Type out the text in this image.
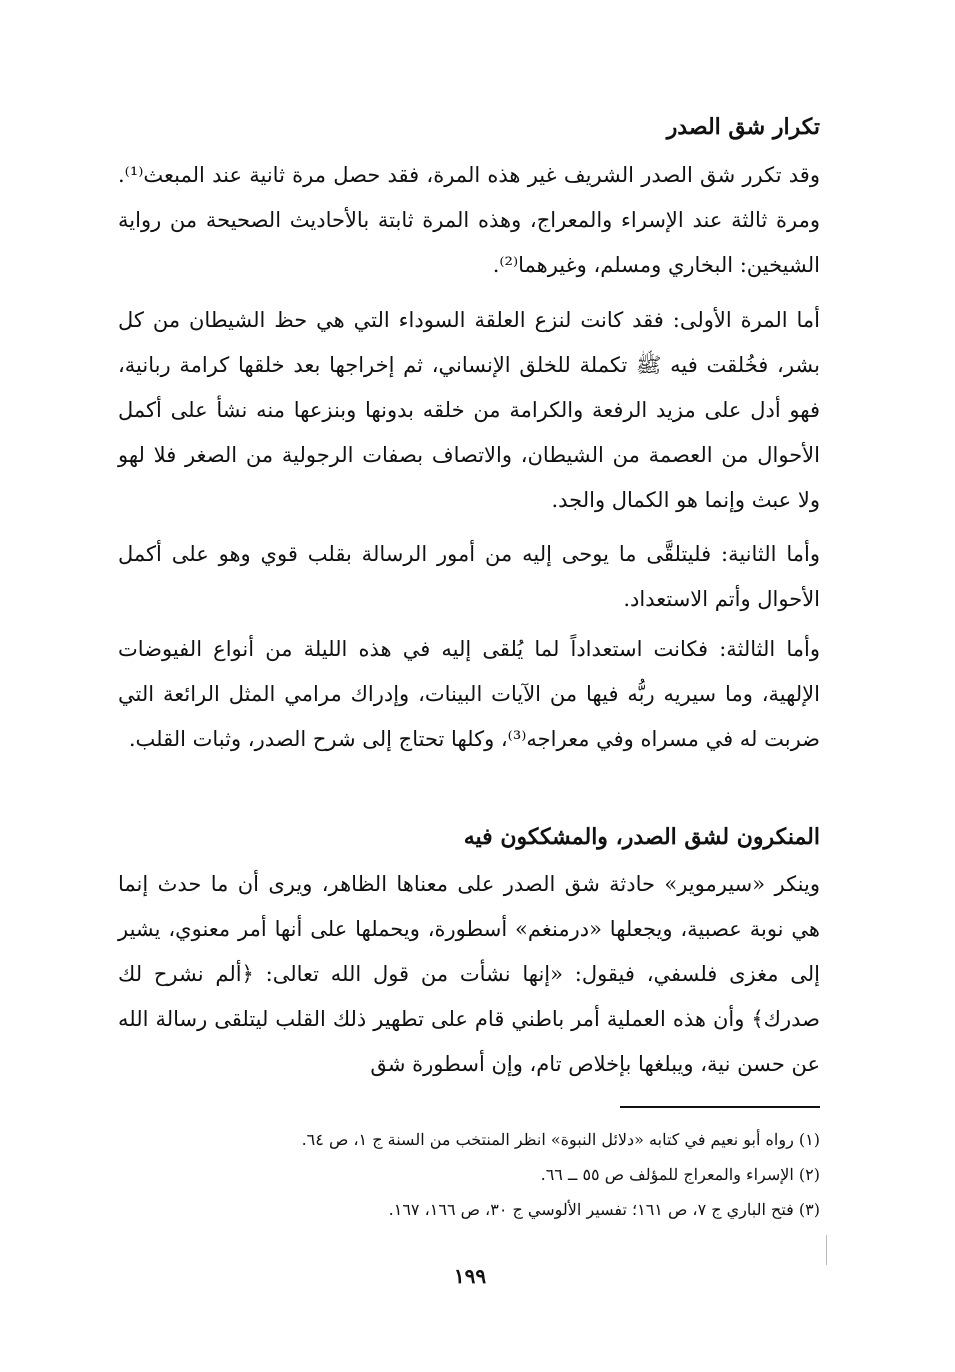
تكرار شق الصدر

وقد تكرر شق الصدر الشريف غير هذه المرة، فقد حصل مرة ثانية عند المبعث⁽¹⁾. ومرة ثالثة عند الإسراء والمعراج، وهذه المرة ثابتة بالأحاديث الصحيحة من رواية الشيخين: البخاري ومسلم، وغيرهما⁽²⁾.

أما المرة الأولى: فقد كانت لنزع العلقة السوداء التي هي حظ الشيطان من كل بشر، فخُلقت فيه ﷺ تكملة للخلق الإنساني، ثم إخراجها بعد خلقها كرامة ربانية، فهو أدل على مزيد الرفعة والكرامة من خلقه بدونها وبنزعها منه نشأ على أكمل الأحوال من العصمة من الشيطان، والاتصاف بصفات الرجولية من الصغر فلا لهو ولا عبث وإنما هو الكمال والجد.

وأما الثانية: فليتلقَّى ما يوحى إليه من أمور الرسالة بقلب قوي وهو على أكمل الأحوال وأتم الاستعداد.

وأما الثالثة: فكانت استعداداً لما يُلقى إليه في هذه الليلة من أنواع الفيوضات الإلهية، وما سيريه ربُّه فيها من الآيات البينات، وإدراك مرامي المثل الرائعة التي ضربت له في مسراه وفي معراجه⁽³⁾، وكلها تحتاج إلى شرح الصدر، وثبات القلب.

المنكرون لشق الصدر، والمشككون فيه

وينكر «سيرموير» حادثة شق الصدر على معناها الظاهر، ويرى أن ما حدث إنما هي نوبة عصبية، ويجعلها «درمنغم» أسطورة، ويحملها على أنها أمر معنوي، يشير إلى مغزى فلسفي، فيقول: «إنها نشأت من قول الله تعالى: ﴿ألم نشرح لك صدرك﴾ وأن هذه العملية أمر باطني قام على تطهير ذلك القلب ليتلقى رسالة الله عن حسن نية، ويبلغها بإخلاص تام، وإن أسطورة شق

(١) رواه أبو نعيم في كتابه «دلائل النبوة» انظر المنتخب من السنة ج ١، ص ٦٤.
(٢) الإسراء والمعراج للمؤلف ص ٥٥ ــ ٦٦.
(٣) فتح الباري ج ٧، ص ١٦١؛ تفسير الألوسي ج ٣٠، ص ١٦٦، ١٦٧.
١٩٩
